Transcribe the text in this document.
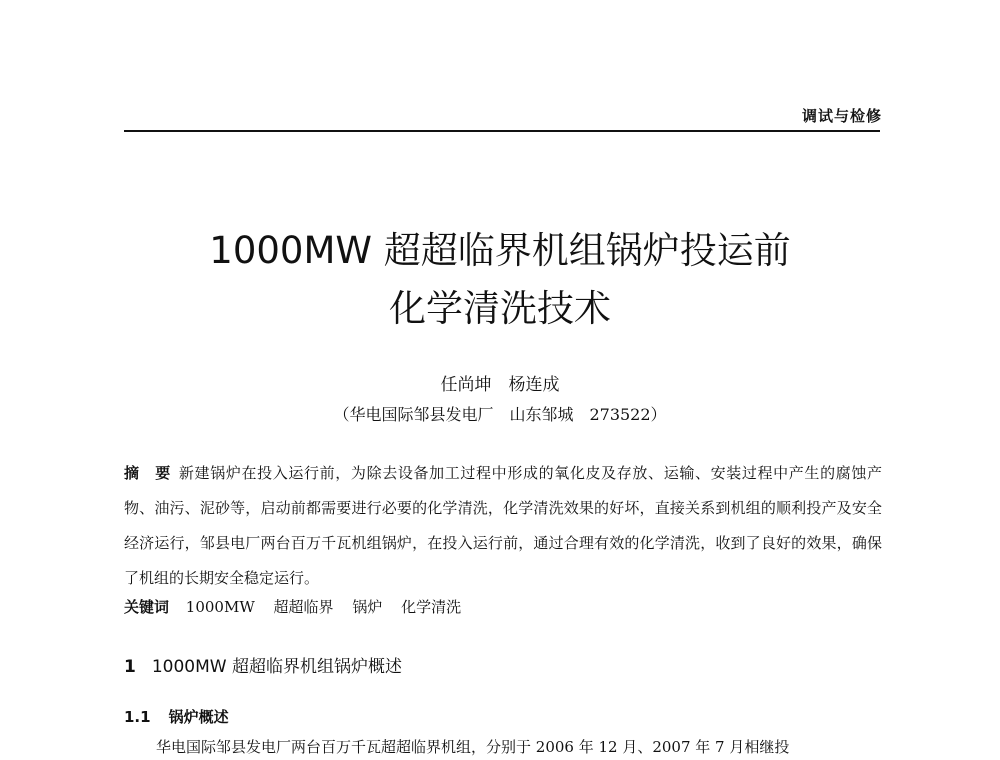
调试与检修
1000MW 超超临界机组锅炉投运前
化学清洗技术
任尚坤　杨连成
（华电国际邹县发电厂　山东邹城　273522）
摘　要 新建锅炉在投入运行前，为除去设备加工过程中形成的氧化皮及存放、运输、安装过程中产生的腐蚀产物、油污、泥砂等，启动前都需要进行必要的化学清洗，化学清洗效果的好坏，直接关系到机组的顺利投产及安全经济运行，邹县电厂两台百万千瓦机组锅炉，在投入运行前，通过合理有效的化学清洗，收到了良好的效果，确保了机组的长期安全稳定运行。
关键词 1000MW 超超临界 锅炉 化学清洗
1 1000MW 超超临界机组锅炉概述
1.1 锅炉概述
华电国际邹县发电厂两台百万千瓦超超临界机组，分别于 2006 年 12 月、2007 年 7 月相继投
